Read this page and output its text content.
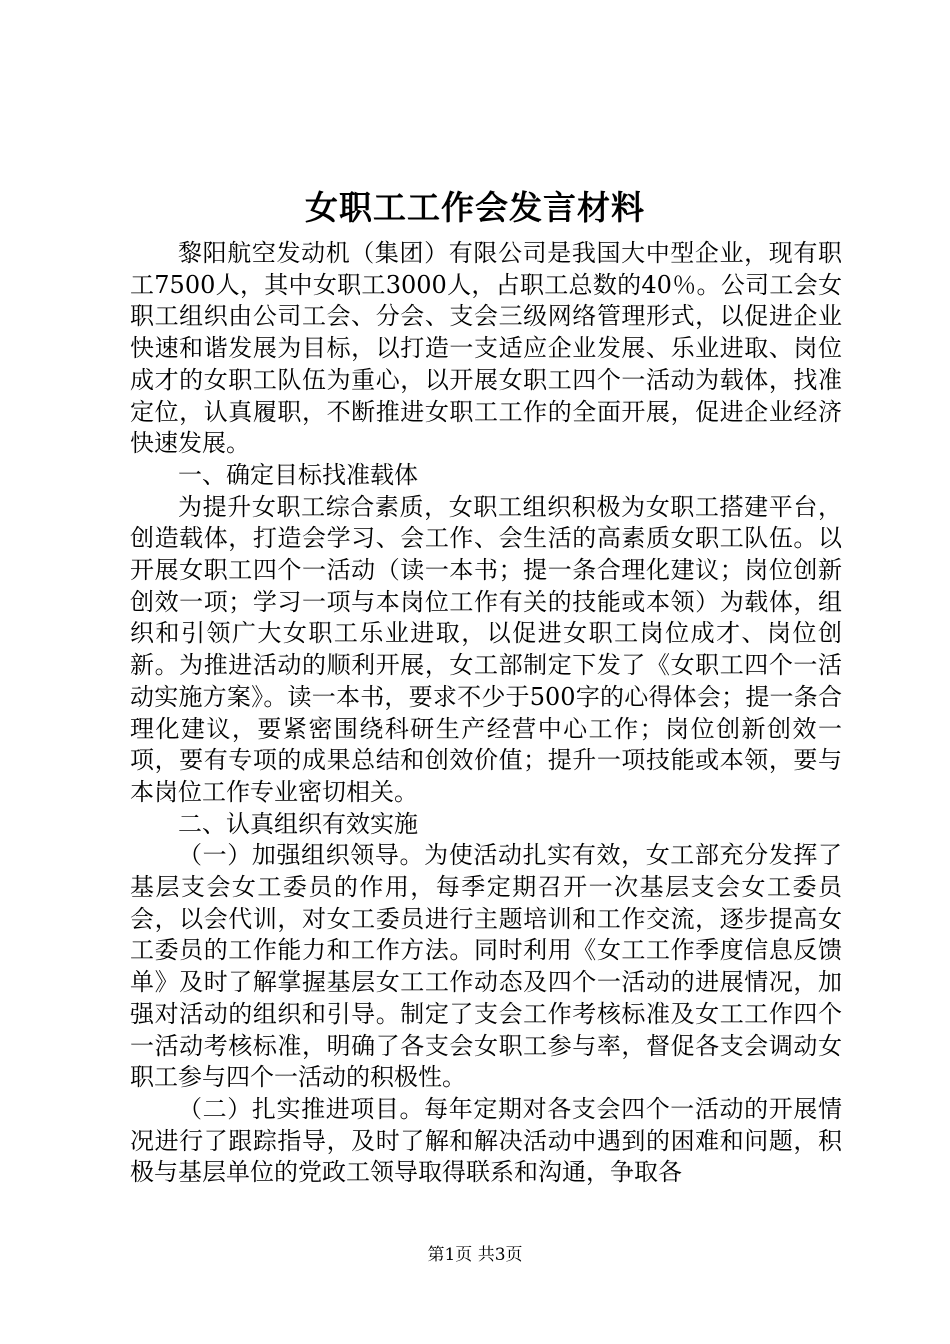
女职工工作会发言材料

黎阳航空发动机（集团）有限公司是我国大中型企业，现有职工7500人，其中女职工3000人，占职工总数的40％。公司工会女职工组织由公司工会、分会、支会三级网络管理形式，以促进企业快速和谐发展为目标，以打造一支适应企业发展、乐业进取、岗位成才的女职工队伍为重心，以开展女职工四个一活动为载体，找准定位，认真履职，不断推进女职工工作的全面开展，促进企业经济快速发展。

一、确定目标找准载体

为提升女职工综合素质，女职工组织积极为女职工搭建平台，创造载体，打造会学习、会工作、会生活的高素质女职工队伍。以开展女职工四个一活动（读一本书；提一条合理化建议；岗位创新创效一项；学习一项与本岗位工作有关的技能或本领）为载体，组织和引领广大女职工乐业进取，以促进女职工岗位成才、岗位创新。为推进活动的顺利开展，女工部制定下发了《女职工四个一活动实施方案》。读一本书，要求不少于500字的心得体会；提一条合理化建议，要紧密围绕科研生产经营中心工作；岗位创新创效一项，要有专项的成果总结和创效价值；提升一项技能或本领，要与本岗位工作专业密切相关。

二、认真组织有效实施

（一）加强组织领导。为使活动扎实有效，女工部充分发挥了基层支会女工委员的作用，每季定期召开一次基层支会女工委员会，以会代训，对女工委员进行主题培训和工作交流，逐步提高女工委员的工作能力和工作方法。同时利用《女工工作季度信息反馈单》及时了解掌握基层女工工作动态及四个一活动的进展情况，加强对活动的组织和引导。制定了支会工作考核标准及女工工作四个一活动考核标准，明确了各支会女职工参与率，督促各支会调动女职工参与四个一活动的积极性。

（二）扎实推进项目。每年定期对各支会四个一活动的开展情况进行了跟踪指导，及时了解和解决活动中遇到的困难和问题，积极与基层单位的党政工领导取得联系和沟通，争取各

第1页 共3页
